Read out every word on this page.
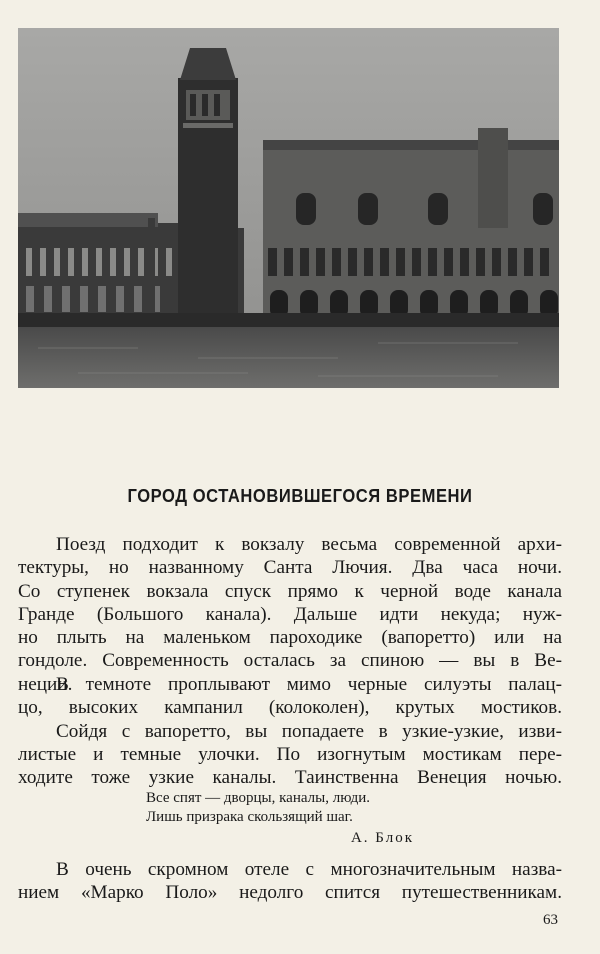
ГОРОД ОСТАНОВИВШЕГОСЯ ВРЕМЕНИ
Поезд подходит к вокзалу весьма современной архи-
тектуры, но названному Санта Лючия. Два часа ночи.
Со ступенек вокзала спуск прямо к черной воде канала
Гранде (Большого канала). Дальше идти некуда; нуж-
но плыть на маленьком пароходике (вапоретто) или на
гондоле. Современность осталась за спиною — вы в Ве-
неции.
В темноте проплывают мимо черные силуэты палац-
цо, высоких кампанил (колоколен), крутых мостиков.
Сойдя с вапоретто, вы попадаете в узкие-узкие, изви-
листые и темные улочки. По изогнутым мостикам пере-
ходите тоже узкие каналы. Таинственна Венеция ночью.
Все спят — дворцы, каналы, люди.
Лишь призрака скользящий шаг.
А. Блок
В очень скромном отеле с многозначительным назва-
нием «Марко Поло» недолго спится путешественникам.
63
